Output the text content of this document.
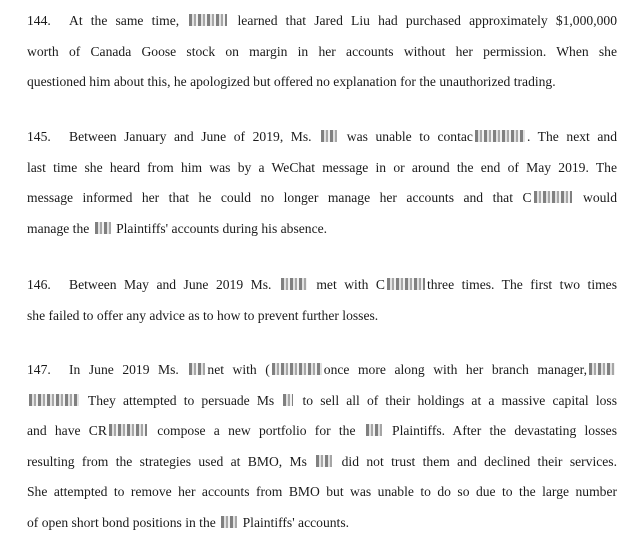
144. At the same time,	learned that Jared Liu had purchased approximately $1,000,000
worth of Canada Goose stock on margin in her accounts without her permission. When she
questioned him about this, he apologized but offered no explanation for the unauthorized trading.
145. Between January and June of 2019, Ms.  was unable to contac	. The next and
last time she heard from him was by a WeChat message in or around the end of May 2019. The
message informed her that he could no longer manage her accounts and that C	would
manage the  Plaintiffs' accounts during his absence.
146. Between May and June 2019 Ms.  met with C	three times. The first two times
she failed to offer any advice as to how to prevent further losses.
147. In June 2019 Ms. net with (	once more along with her branch manager,
They attempted to persuade Ms  to sell all of their holdings at a massive capital loss
and have CR	compose a new portfolio for the  Plaintiffs. After the devastating losses
resulting from the strategies used at BMO, Ms  did not trust them and declined their services.
She attempted to remove her accounts from BMO but was unable to do so due to the large number
of open short bond positions in the  Plaintiffs' accounts.
